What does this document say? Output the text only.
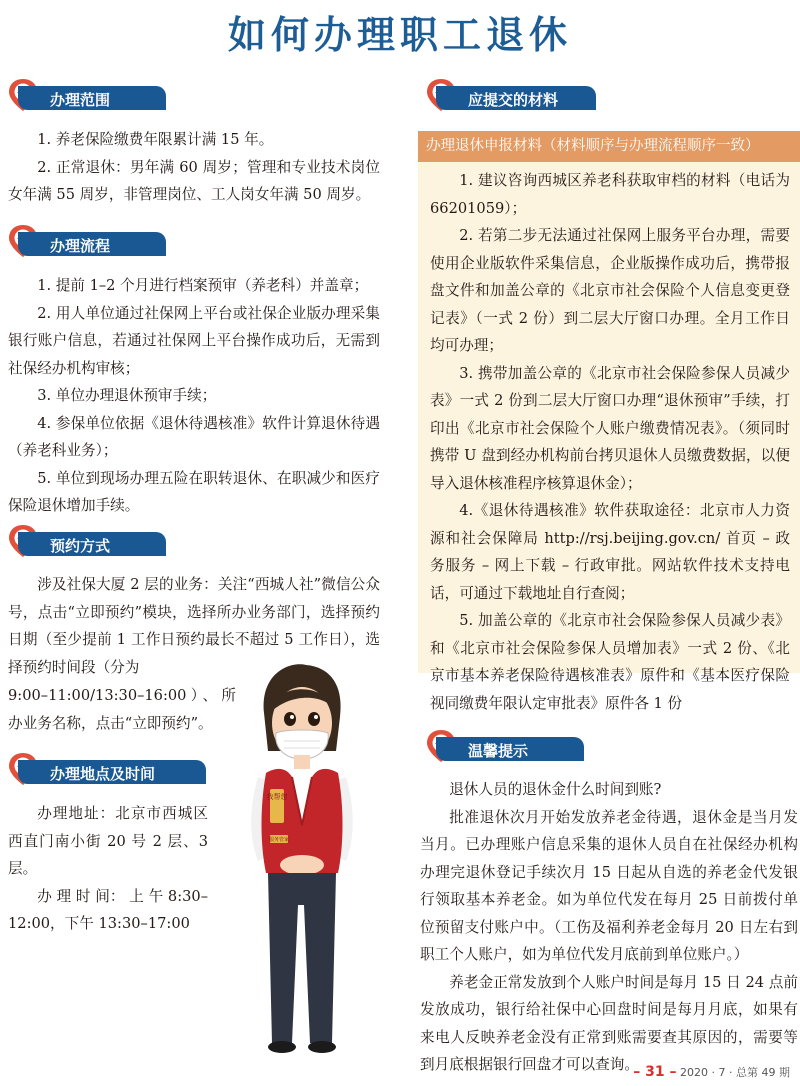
如何办理职工退休
办理范围

1. 养老保险缴费年限累计满 15 年。

2. 正常退休：男年满 60 周岁；管理和专业技术岗位女年满 55 周岁，非管理岗位、工人岗女年满 50 周岁。

办理流程

1. 提前 1–2 个月进行档案预审（养老科）并盖章；

2. 用人单位通过社保网上平台或社保企业版办理采集银行账户信息，若通过社保网上平台操作成功后，无需到社保经办机构审核；

3. 单位办理退休预审手续；

4. 参保单位依据《退休待遇核准》软件计算退休待遇（养老科业务）；

5. 单位到现场办理五险在职转退休、在职减少和医疗保险退休增加手续。

预约方式

涉及社保大厦 2 层的业务：关注“西城人社”微信公众号，点击“立即预约”模块，选择所办业务部门，选择预约日期（至少提前 1 工作日预约最长不超过 5 工作日），选择预约时间段（分为

9:00–11:00/13:30–16:00）、所办业务名称，点击“立即预约”。

办理地点及时间

办理地址：北京市西城区西直门南小街 20 号 2 层、3 层。

办 理 时 间： 上 午 8:30–12:00，下午 13:30–17:00

我帮您
服务管家
应提交的材料
办理退休申报材料（材料顺序与办理流程顺序一致）

1. 建议咨询西城区养老科获取审档的材料（电话为 66201059）；

2. 若第二步无法通过社保网上服务平台办理，需要使用企业版软件采集信息，企业版操作成功后，携带报盘文件和加盖公章的《北京市社会保险个人信息变更登记表》（一式 2 份）到二层大厅窗口办理。全月工作日均可办理；

3. 携带加盖公章的《北京市社会保险参保人员减少表》一式 2 份到二层大厅窗口办理“退休预审”手续，打印出《北京市社会保险个人账户缴费情况表》。（须同时携带 U 盘到经办机构前台拷贝退休人员缴费数据，以便导入退休核准程序核算退休金）；

4.《退休待遇核准》软件获取途径：北京市人力资源和社会保障局 http://rsj.beijing.gov.cn/ 首页 – 政务服务 – 网上下载 – 行政审批。网站软件技术支持电话，可通过下载地址自行查阅；

5. 加盖公章的《北京市社会保险参保人员减少表》和《北京市社会保险参保人员增加表》一式 2 份、《北京市基本养老保险待遇核准表》原件和《基本医疗保险视同缴费年限认定审批表》原件各 1 份

温馨提示

退休人员的退休金什么时间到账?

批准退休次月开始发放养老金待遇，退休金是当月发当月。已办理账户信息采集的退休人员自在社保经办机构办理完退休登记手续次月 15 日起从自选的养老金代发银行领取基本养老金。如为单位代发在每月 25 日前拨付单位预留支付账户中。（工伤及福利养老金每月 20 日左右到职工个人账户，如为单位代发月底前到单位账户。）

养老金正常发放到个人账户时间是每月 15 日 24 点前发放成功，银行给社保中心回盘时间是每月月底，如果有来电人反映养老金没有正常到账需要查其原因的，需要等到月底根据银行回盘才可以查询。

– 31 – 2020 · 7 · 总第 49 期
